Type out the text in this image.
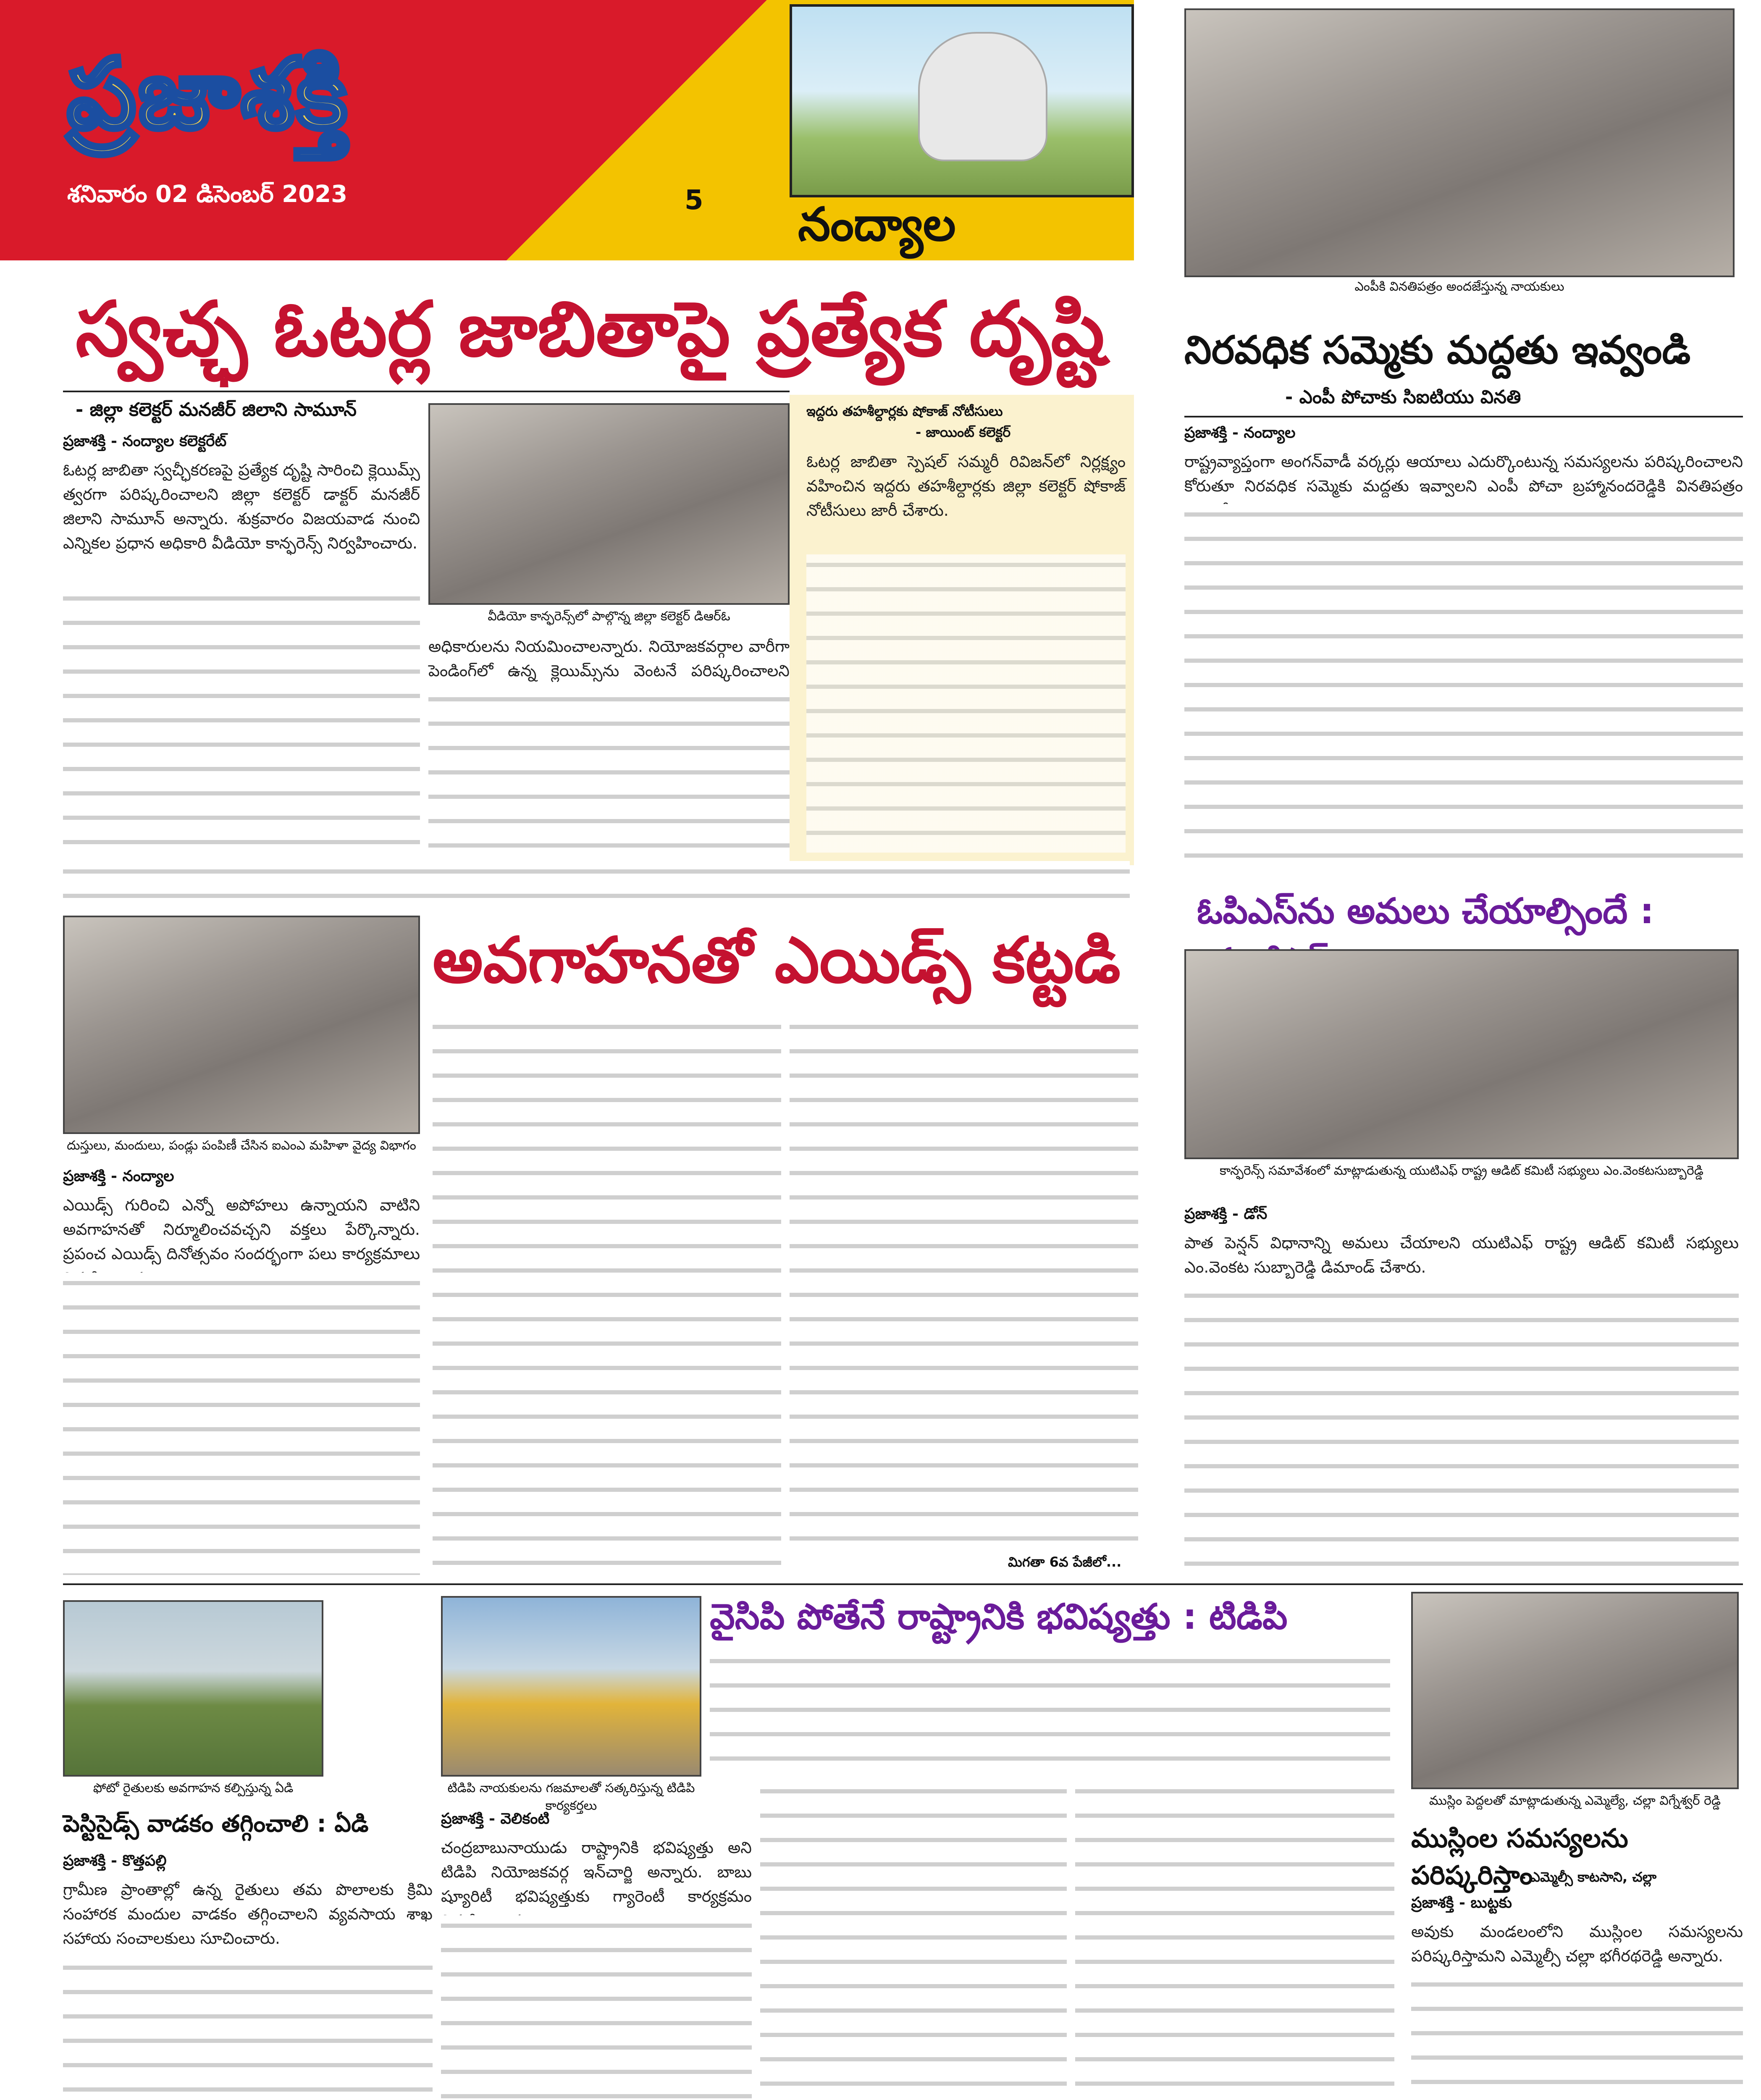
ప్రజాశక్తి
శనివారం 02 డిసెంబర్ 2023	5	నంద్యాల
ఎంపీకి వినతిపత్రం అందజేస్తున్న నాయకులు
నిరవధిక సమ్మెకు మద్దతు ఇవ్వండి
- ఎంపీ పోచాకు సిఐటియు వినతి
ప్రజాశక్తి - నంద్యాల
రాష్ట్రవ్యాప్తంగా అంగన్‌వాడీ వర్కర్లు ఆయాలు ఎదుర్కొంటున్న సమస్యలను పరిష్కరించాలని కోరుతూ నిరవధిక సమ్మెకు మద్దతు ఇవ్వాలని ఎంపీ పోచా బ్రహ్మానందరెడ్డికి వినతిపత్రం
స్వచ్ఛ ఓటర్ల జాబితాపై ప్రత్యేక దృష్టి
- జిల్లా కలెక్టర్ మనజీర్ జిలాని సామూన్
ప్రజాశక్తి - నంద్యాల కలెక్టరేట్
ఓటర్ల జాబితా స్వచ్ఛీకరణపై ప్రత్యేక దృష్టి సారించి క్లెయిమ్స్ త్వరగా పరిష్కరించాలని జిల్లా కలెక్టర్ డాక్టర్ మనజీర్ జిలాని సామూన్ అన్నారు. శుక్రవారం విజయవాడ నుంచి ఎన్నికల ప్రధాన అధికారి వీడియో కాన్ఫరెన్స్ నిర్వహించారు.
వీడియో కాన్ఫరెన్స్‌లో పాల్గొన్న జిల్లా కలెక్టర్ డిఆర్‌ఓ
అధికారులను నియమించాలన్నారు. నియోజకవర్గాల వారీగా పెండింగ్‌లో ఉన్న క్లెయిమ్స్‌ను వెంటనే పరిష్కరించాలని
ఇద్దరు తహశీల్దార్లకు షోకాజ్ నోటీసులు
- జాయింట్ కలెక్టర్
ఓటర్ల జాబితా స్పెషల్ సమ్మరీ రివిజన్‌లో నిర్లక్ష్యం వహించిన ఇద్దరు తహశీల్దార్లకు జిల్లా కలెక్టర్ షోకాజ్ నోటీసులు జారీ చేశారు.
ఓపిఎస్‌ను అమలు చేయాల్సిందే :
కాన్ఫరెన్స్ సమావేశంలో మాట్లాడుతున్న యుటిఎఫ్ రాష్ట్ర ఆడిట్ కమిటీ సభ్యులు ఎం.వెంకటసుబ్బారెడ్డి
ప్రజాశక్తి - డోన్
పాత పెన్షన్ విధానాన్ని అమలు చేయాలని యుటిఎఫ్ రాష్ట్ర ఆడిట్ కమిటీ సభ్యులు ఎం.వెంకట సుబ్బారెడ్డి డిమాండ్ చేశారు.
దుస్తులు, మందులు, పండ్లు పంపిణీ చేసిన ఐఎంఎ మహిళా వైద్య విభాగం
అవగాహనతో ఎయిడ్స్ కట్టడి
ప్రజాశక్తి - నంద్యాల
ఎయిడ్స్ గురించి ఎన్నో అపోహలు ఉన్నాయని వాటిని అవగాహనతో నిర్మూలించవచ్చని వక్తలు పేర్కొన్నారు. ప్రపంచ ఎయిడ్స్ దినోత్సవం సందర్భంగా పలు కార్యక్రమాలు
మిగతా 6వ పేజీలో...
ఫోటో రైతులకు అవగాహన కల్పిస్తున్న ఏడి
పెస్టిసైడ్స్ వాడకం తగ్గించాలి : ఏడి
ప్రజాశక్తి - కొత్తపల్లి
గ్రామీణ ప్రాంతాల్లో ఉన్న రైతులు తమ పొలాలకు క్రిమి సంహారక మందుల వాడకం తగ్గించాలని వ్యవసాయ శాఖ సహాయ సంచాలకులు సూచించారు.
వైసిపి పోతేనే రాష్ట్రానికి భవిష్యత్తు : టిడిపి
టిడిపి నాయకులను గజమాలతో సత్కరిస్తున్న టిడిపి కార్యకర్తలు
ప్రజాశక్తి - వెలికంటి
చంద్రబాబునాయుడు రాష్ట్రానికి భవిష్యత్తు అని టిడిపి నియోజకవర్గ ఇన్‌చార్జి అన్నారు. బాబు ష్యూరిటీ భవిష్యత్తుకు గ్యారెంటీ కార్యక్రమం
ముస్లిం పెద్దలతో మాట్లాడుతున్న ఎమ్మెల్యే, చల్లా విగ్నేశ్వర్ రెడ్డి
ముస్లింల సమస్యలను పరిష్కరిస్తాం
- ఎమ్మెల్సీ కాటసాని, చల్లా
ప్రజాశక్తి - బుట్టకు
అవుకు మండలంలోని ముస్లింల సమస్యలను పరిష్కరిస్తామని ఎమ్మెల్సీ చల్లా భగీరథరెడ్డి అన్నారు.
